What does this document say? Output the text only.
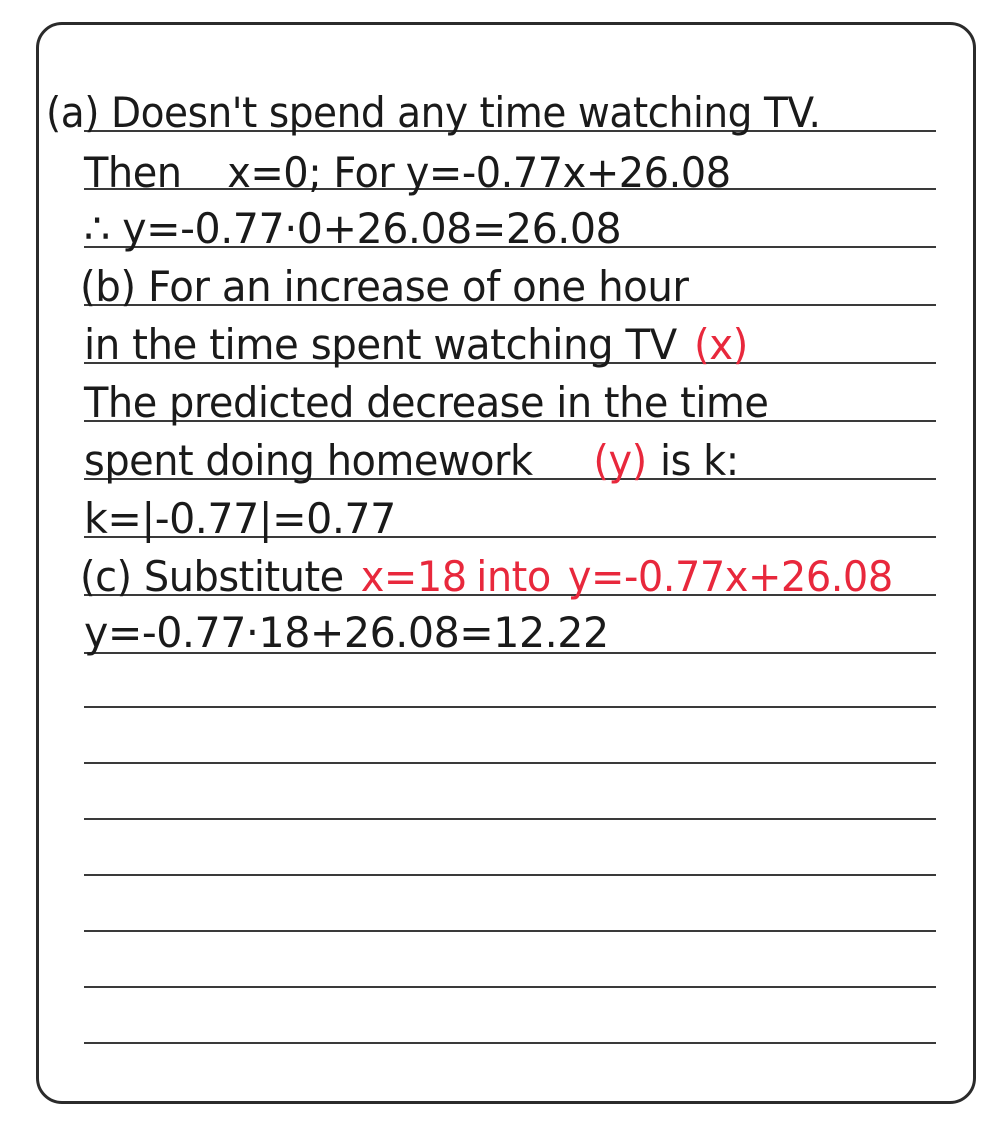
(a) Doesn't spend any time watching TV.
Then x=0; For y=-0.77x+26.08
∴ y=-0.77·0+26.08=26.08
(b) For an increase of one hour
in the time spent watching TV (x)
The predicted decrease in the time
spent doing homework (y) is k:
k=|-0.77|=0.77
(c) Substitute x=18 into y=-0.77x+26.08
y=-0.77·18+26.08=12.22
